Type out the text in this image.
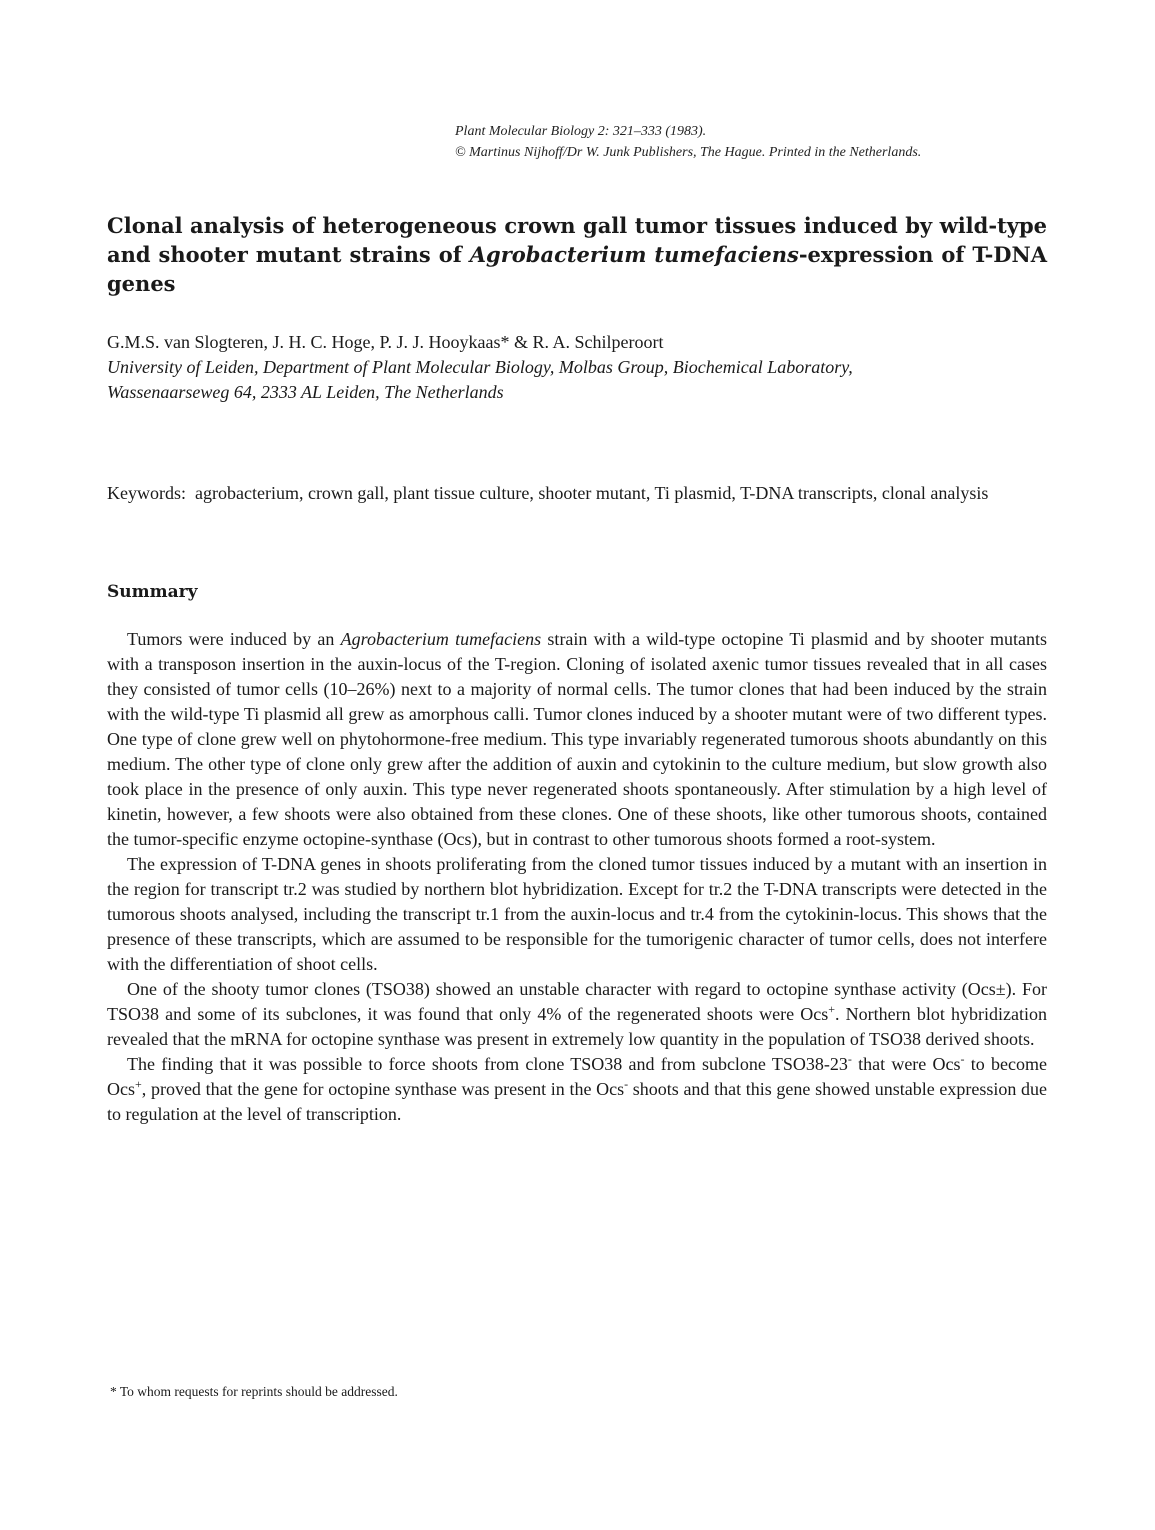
Plant Molecular Biology 2: 321–333 (1983).
© Martinus Nijhoff/Dr W. Junk Publishers, The Hague. Printed in the Netherlands.
Clonal analysis of heterogeneous crown gall tumor tissues induced by wild-type and shooter mutant strains of Agrobacterium tumefaciens-expression of T-DNA genes
G.M.S. van Slogteren, J. H. C. Hoge, P. J. J. Hooykaas* & R. A. Schilperoort
University of Leiden, Department of Plant Molecular Biology, Molbas Group, Biochemical Laboratory,
Wassenaarseweg 64, 2333 AL Leiden, The Netherlands
Keywords: agrobacterium, crown gall, plant tissue culture, shooter mutant, Ti plasmid, T-DNA transcripts, clonal analysis
Summary

Tumors were induced by an Agrobacterium tumefaciens strain with a wild-type octopine Ti plasmid and by shooter mutants with a transposon insertion in the auxin-locus of the T-region. Cloning of isolated axenic tumor tissues revealed that in all cases they consisted of tumor cells (10–26%) next to a majority of normal cells. The tumor clones that had been induced by the strain with the wild-type Ti plasmid all grew as amorphous calli. Tumor clones induced by a shooter mutant were of two different types. One type of clone grew well on phytohormone-free medium. This type invariably regenerated tumorous shoots abundantly on this medium. The other type of clone only grew after the addition of auxin and cytokinin to the culture medium, but slow growth also took place in the presence of only auxin. This type never regenerated shoots spontaneously. After stimulation by a high level of kinetin, however, a few shoots were also obtained from these clones. One of these shoots, like other tumorous shoots, contained the tumor-specific enzyme octopine-synthase (Ocs), but in contrast to other tumorous shoots formed a root-system.

The expression of T-DNA genes in shoots proliferating from the cloned tumor tissues induced by a mutant with an insertion in the region for transcript tr.2 was studied by northern blot hybridization. Except for tr.2 the T-DNA transcripts were detected in the tumorous shoots analysed, including the transcript tr.1 from the auxin-locus and tr.4 from the cytokinin-locus. This shows that the presence of these transcripts, which are assumed to be responsible for the tumorigenic character of tumor cells, does not interfere with the differentiation of shoot cells.

One of the shooty tumor clones (TSO38) showed an unstable character with regard to octopine synthase activity (Ocs±). For TSO38 and some of its subclones, it was found that only 4% of the regenerated shoots were Ocs+. Northern blot hybridization revealed that the mRNA for octopine synthase was present in extremely low quantity in the population of TSO38 derived shoots.

The finding that it was possible to force shoots from clone TSO38 and from subclone TSO38-23- that were Ocs- to become Ocs+, proved that the gene for octopine synthase was present in the Ocs- shoots and that this gene showed unstable expression due to regulation at the level of transcription.

* To whom requests for reprints should be addressed.
